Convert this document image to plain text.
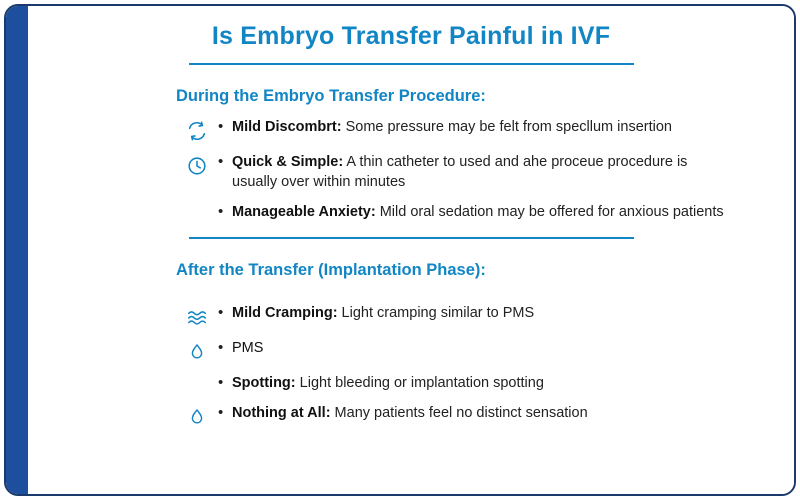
Is Embryo Transfer Painful in IVF
During the Embryo Transfer Procedure:
• Mild Discombrt: Some pressure may be felt from specllum insertion
• Quick & Simple: A thin catheter to used and ahe proceue procedure is usually over within minutes
• Manageable Anxiety: Mild oral sedation may be offered for anxious patients
After the Transfer (Implantation Phase):
• Mild Cramping: Light cramping similar to PMS
• PMS
• Spotting: Light bleeding or implantation spotting
• Nothing at All: Many patients feel no distinct sensation
